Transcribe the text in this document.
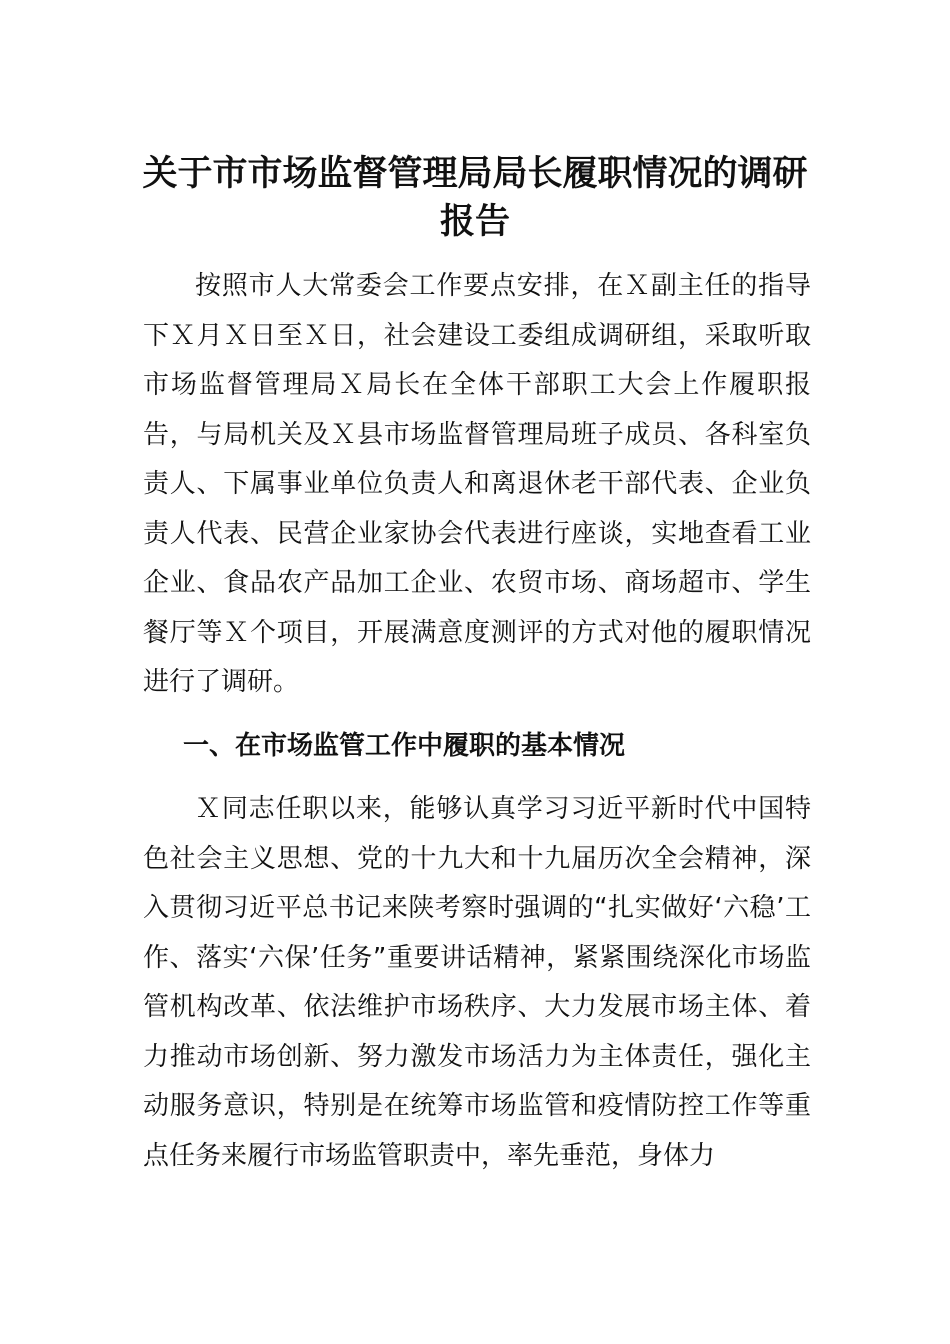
关于市市场监督管理局局长履职情况的调研报告

按照市人大常委会工作要点安排，在Ｘ副主任的指导下Ｘ月Ｘ日至Ｘ日，社会建设工委组成调研组，采取听取市场监督管理局Ｘ局长在全体干部职工大会上作履职报告，与局机关及Ｘ县市场监督管理局班子成员、各科室负责人、下属事业单位负责人和离退休老干部代表、企业负责人代表、民营企业家协会代表进行座谈，实地查看工业企业、食品农产品加工企业、农贸市场、商场超市、学生餐厅等Ｘ个项目，开展满意度测评的方式对他的履职情况进行了调研。

一、在市场监管工作中履职的基本情况

Ｘ同志任职以来，能够认真学习习近平新时代中国特色社会主义思想、党的十九大和十九届历次全会精神，深入贯彻习近平总书记来陕考察时强调的“扎实做好‘六稳’工作、落实‘六保’任务”重要讲话精神，紧紧围绕深化市场监管机构改革、依法维护市场秩序、大力发展市场主体、着力推动市场创新、努力激发市场活力为主体责任，强化主动服务意识，特别是在统筹市场监管和疫情防控工作等重点任务来履行市场监管职责中，率先垂范，身体力
